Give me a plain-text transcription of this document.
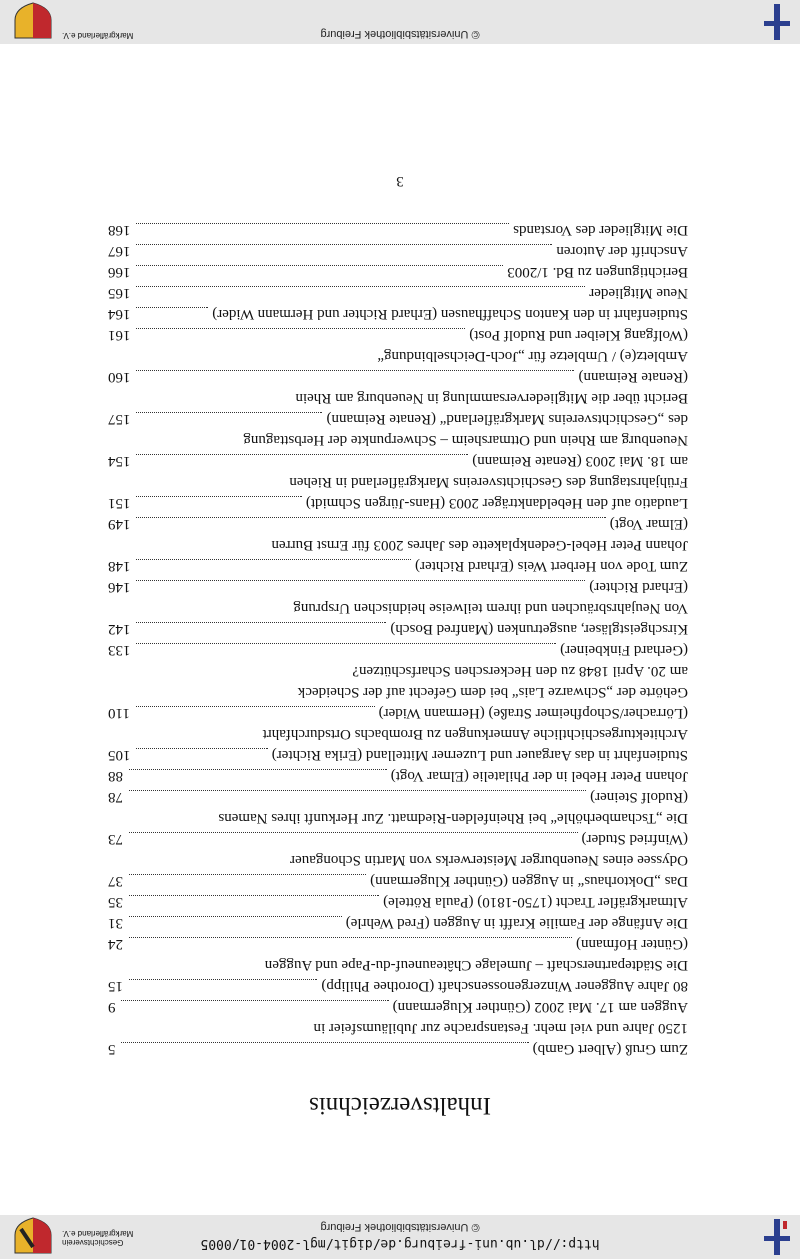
http://dl.ub.uni-freiburg.de/digit/mgl-2004-01/0005
© Universitätsbibliothek Freiburg
Geschichtsverein
Markgräflerland e.V.
Inhaltsverzeichnis
Zum Gruß (Albert Gamb)
5
1250 Jahre und viel mehr. Festansprache zur Jubiläumsfeier in
Auggen am 17. Mai 2002 (Günther Klugermann)
9
80 Jahre Auggener Winzergenossenschaft (Dorothee Philipp)
15
Die Städtepartnerschaft – Jumelage Châteauneuf-du-Pape und Auggen
(Günter Hofmann)
24
Die Anfänge der Familie Krafft in Auggen (Fred Wehrle)
31
Altmarkgräfler Tracht (1750-1810) (Paula Röttele)
35
Das „Doktorhaus“ in Auggen (Günther Klugermann)
37
Odyssee eines Neuenburger Meisterwerks von Martin Schongauer
(Winfried Studer)
73
Die „Tschamberhöhle“ bei Rheinfelden-Riedmatt. Zur Herkunft ihres Namens
(Rudolf Steiner)
78
Johann Peter Hebel in der Philatelie (Elmar Vogt)
88
Studienfahrt in das Aargauer und Luzerner Mittelland (Erika Richter)
105
Architekturgeschichtliche Anmerkungen zu Brombachs Ortsdurchfahrt
(Lörracher/Schopfheimer Straße) (Hermann Wider)
110
Gehörte der „Schwarze Lais“ bei dem Gefecht auf der Scheideck
am 20. April 1848 zu den Heckerschen Scharfschützen?
(Gerhard Finkbeiner)
133
Kirschgeistgläser, ausgetrunken (Manfred Bosch)
142
Von Neujahrsbräuchen und ihrem teilweise heidnischen Ursprung
(Erhard Richter)
146
Zum Tode von Herbert Weis (Erhard Richter)
148
Johann Peter Hebel-Gedenkplakette des Jahres 2003 für Ernst Burren
(Elmar Vogt)
149
Laudatio auf den Hebeldankträger 2003 (Hans-Jürgen Schmidt)
151
Frühjahrstagung des Geschichtsvereins Markgräflerland in Riehen
am 18. Mai 2003 (Renate Reimann)
154
Neuenburg am Rhein und Ottmarsheim – Schwerpunkte der Herbsttagung
des „Geschichtsvereins Markgräflerland“ (Renate Reimann)
157
Bericht über die Mitgliederversammlung in Neuenburg am Rhein
(Renate Reimann)
160
Ambletz(e) / Umbletze für „Joch-Deichselbindung“
(Wolfgang Kleiber und Rudolf Post)
161
Studienfahrt in den Kanton Schaffhausen (Erhard Richter und Hermann Wider)
164
Neue Mitglieder
165
Berichtigungen zu Bd. 1/2003
166
Anschrift der Autoren
167
Die Mitglieder des Vorstands
168
3
© Universitätsbibliothek Freiburg
Markgräflerland e.V.
